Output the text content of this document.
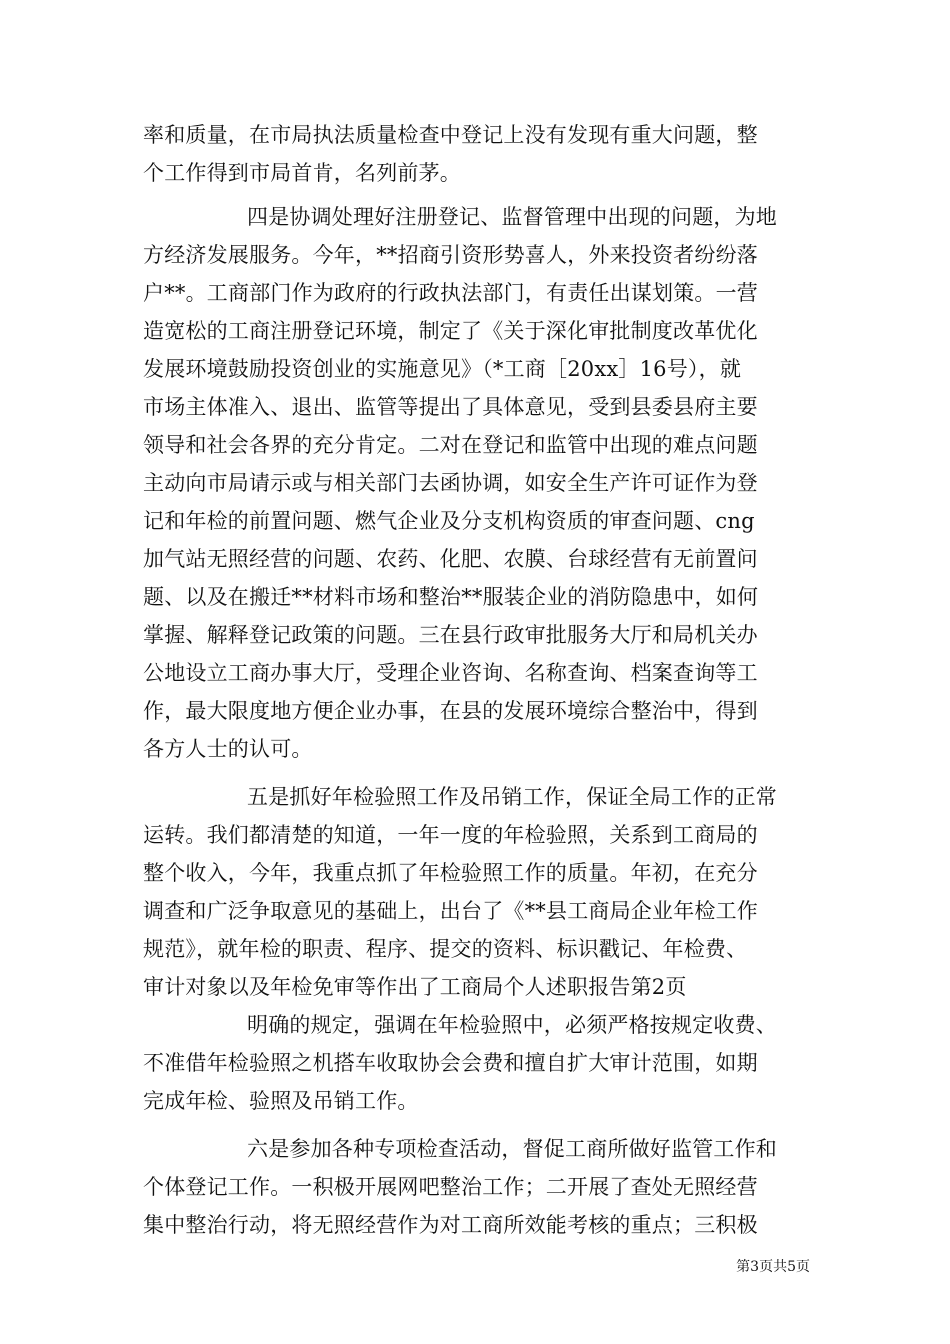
率和质量，在市局执法质量检查中登记上没有发现有重大问题，整
个工作得到市局首肯，名列前茅。
四是协调处理好注册登记、监督管理中出现的问题，为地
方经济发展服务。今年，**招商引资形势喜人，外来投资者纷纷落
户**。工商部门作为政府的行政执法部门，有责任出谋划策。一营
造宽松的工商注册登记环境，制定了《关于深化审批制度改革优化
发展环境鼓励投资创业的实施意见》（*工商［20xx］16号），就
市场主体准入、退出、监管等提出了具体意见，受到县委县府主要
领导和社会各界的充分肯定。二对在登记和监管中出现的难点问题
主动向市局请示或与相关部门去函协调，如安全生产许可证作为登
记和年检的前置问题、燃气企业及分支机构资质的审查问题、cng
加气站无照经营的问题、农药、化肥、农膜、台球经营有无前置问
题、以及在搬迁**材料市场和整治**服装企业的消防隐患中，如何
掌握、解释登记政策的问题。三在县行政审批服务大厅和局机关办
公地设立工商办事大厅，受理企业咨询、名称查询、档案查询等工
作，最大限度地方便企业办事，在县的发展环境综合整治中，得到
各方人士的认可。
五是抓好年检验照工作及吊销工作，保证全局工作的正常
运转。我们都清楚的知道，一年一度的年检验照，关系到工商局的
整个收入，今年，我重点抓了年检验照工作的质量。年初，在充分
调查和广泛争取意见的基础上，出台了《**县工商局企业年检工作
规范》，就年检的职责、程序、提交的资料、标识戳记、年检费、
审计对象以及年检免审等作出了工商局个人述职报告第2页
明确的规定，强调在年检验照中，必须严格按规定收费、
不准借年检验照之机搭车收取协会会费和擅自扩大审计范围，如期
完成年检、验照及吊销工作。
六是参加各种专项检查活动，督促工商所做好监管工作和
个体登记工作。一积极开展网吧整治工作；二开展了查处无照经营
集中整治行动，将无照经营作为对工商所效能考核的重点；三积极
第3页共5页
